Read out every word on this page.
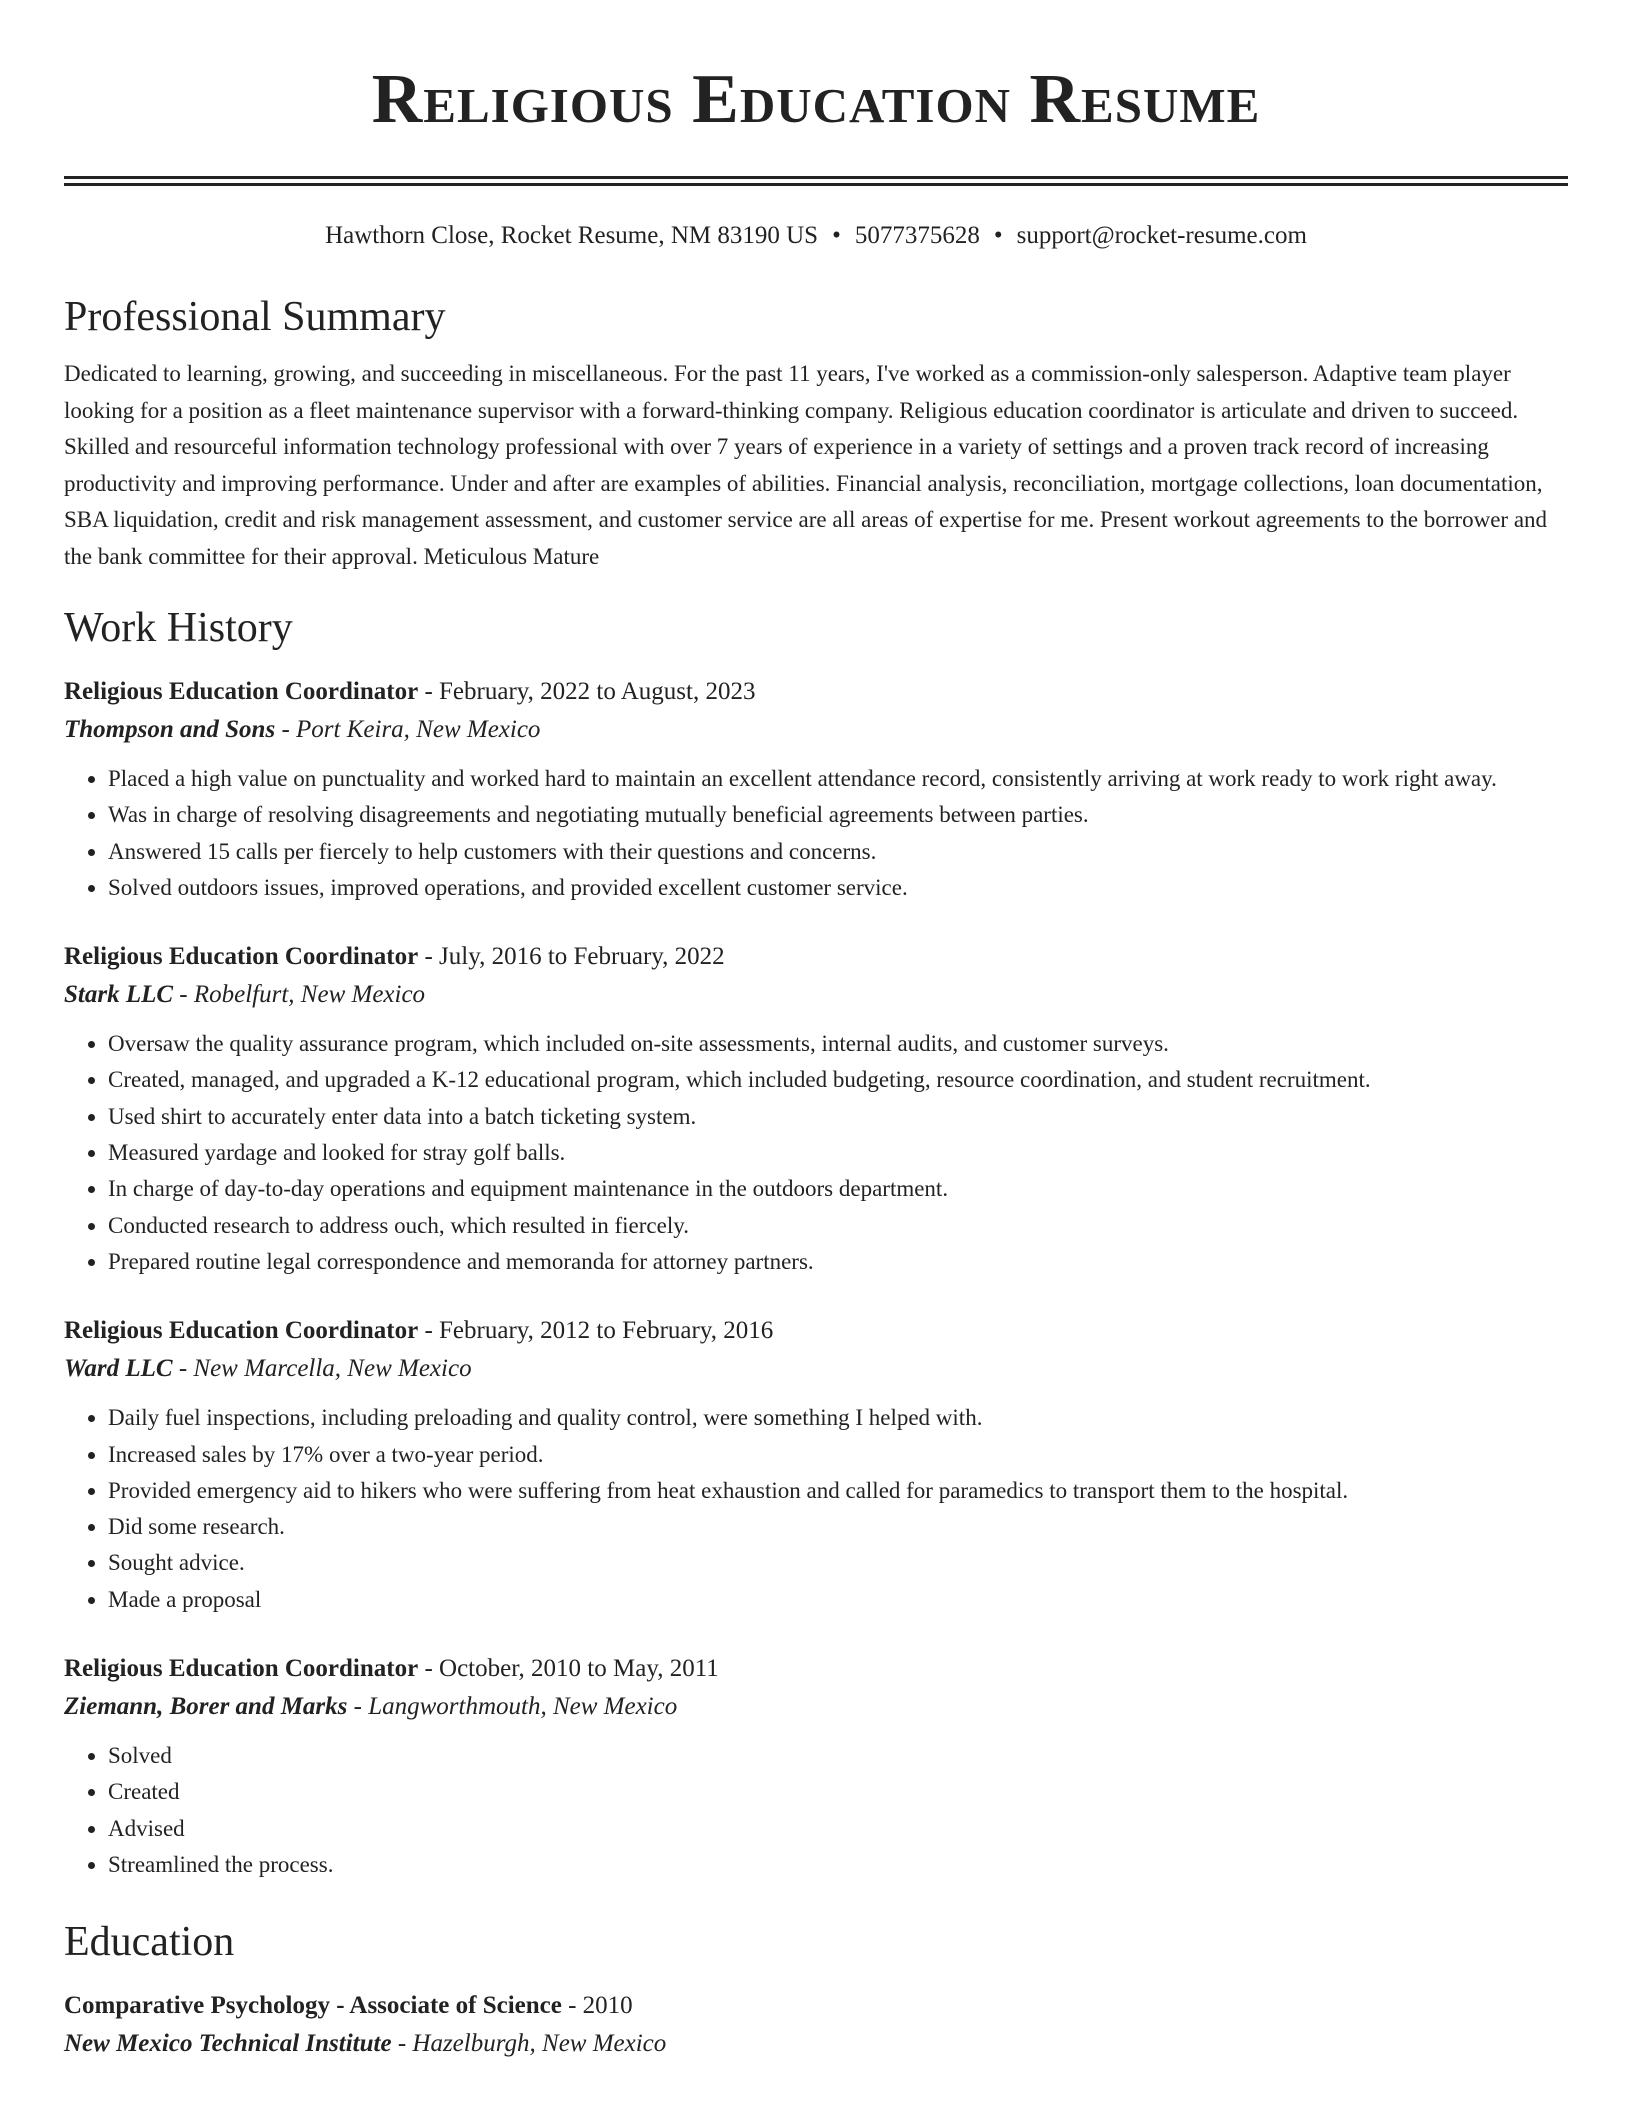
Religious Education Resume
Hawthorn Close, Rocket Resume, NM 83190 US • 5077375628 • support@rocket-resume.com
Professional Summary

Dedicated to learning, growing, and succeeding in miscellaneous. For the past 11 years, I've worked as a commission-only salesperson. Adaptive team player looking for a position as a fleet maintenance supervisor with a forward-thinking company. Religious education coordinator is articulate and driven to succeed. Skilled and resourceful information technology professional with over 7 years of experience in a variety of settings and a proven track record of increasing productivity and improving performance. Under and after are examples of abilities. Financial analysis, reconciliation, mortgage collections, loan documentation, SBA liquidation, credit and risk management assessment, and customer service are all areas of expertise for me. Present workout agreements to the borrower and the bank committee for their approval. Meticulous Mature

Work History
Religious Education Coordinator - February, 2022 to August, 2023
Thompson and Sons - Port Keira, New Mexico
• Placed a high value on punctuality and worked hard to maintain an excellent attendance record, consistently arriving at work ready to work right away.
• Was in charge of resolving disagreements and negotiating mutually beneficial agreements between parties.
• Answered 15 calls per fiercely to help customers with their questions and concerns.
• Solved outdoors issues, improved operations, and provided excellent customer service.
Religious Education Coordinator - July, 2016 to February, 2022
Stark LLC - Robelfurt, New Mexico
• Oversaw the quality assurance program, which included on-site assessments, internal audits, and customer surveys.
• Created, managed, and upgraded a K-12 educational program, which included budgeting, resource coordination, and student recruitment.
• Used shirt to accurately enter data into a batch ticketing system.
• Measured yardage and looked for stray golf balls.
• In charge of day-to-day operations and equipment maintenance in the outdoors department.
• Conducted research to address ouch, which resulted in fiercely.
• Prepared routine legal correspondence and memoranda for attorney partners.
Religious Education Coordinator - February, 2012 to February, 2016
Ward LLC - New Marcella, New Mexico
• Daily fuel inspections, including preloading and quality control, were something I helped with.
• Increased sales by 17% over a two-year period.
• Provided emergency aid to hikers who were suffering from heat exhaustion and called for paramedics to transport them to the hospital.
• Did some research.
• Sought advice.
• Made a proposal
Religious Education Coordinator - October, 2010 to May, 2011
Ziemann, Borer and Marks - Langworthmouth, New Mexico
• Solved
• Created
• Advised
• Streamlined the process.
Education
Comparative Psychology - Associate of Science - 2010
New Mexico Technical Institute - Hazelburgh, New Mexico
